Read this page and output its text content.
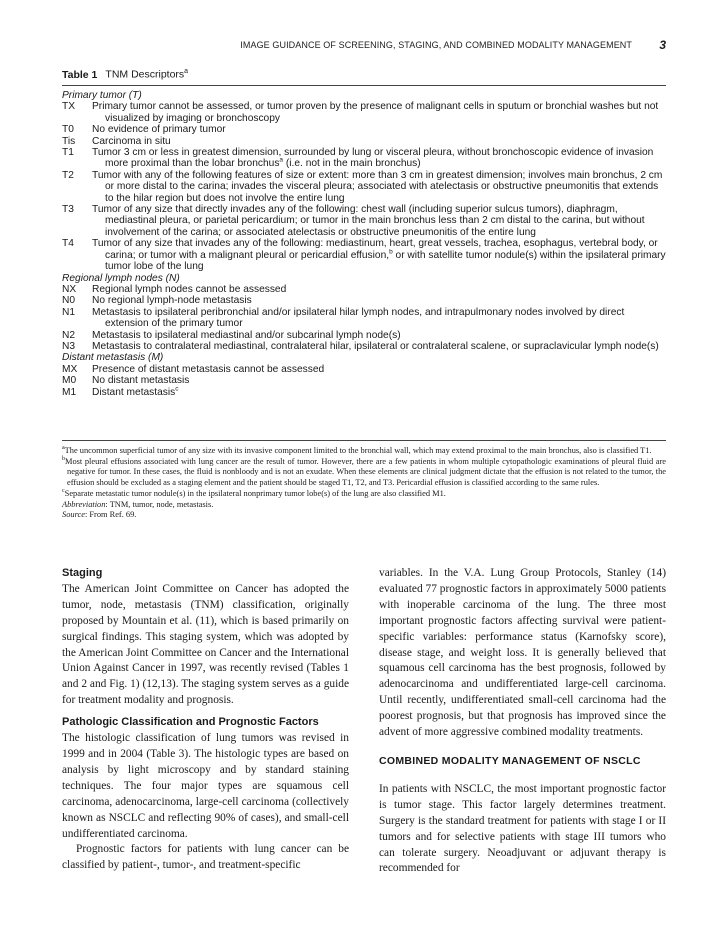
IMAGE GUIDANCE OF SCREENING, STAGING, AND COMBINED MODALITY MANAGEMENT 3
Table 1 TNM Descriptors$^a$
Primary tumor (T)
TX Primary tumor cannot be assessed, or tumor proven by the presence of malignant cells in sputum or bronchial washes but not visualized by imaging or bronchoscopy
T0 No evidence of primary tumor
Tis Carcinoma in situ
T1 Tumor 3 cm or less in greatest dimension, surrounded by lung or visceral pleura, without bronchoscopic evidence of invasion more proximal than the lobar bronchus$^a$ (i.e. not in the main bronchus)
T2 Tumor with any of the following features of size or extent: more than 3 cm in greatest dimension; involves main bronchus, 2 cm or more distal to the carina; invades the visceral pleura; associated with atelectasis or obstructive pneumonitis that extends to the hilar region but does not involve the entire lung
T3 Tumor of any size that directly invades any of the following: chest wall (including superior sulcus tumors), diaphragm, mediastinal pleura, or parietal pericardium; or tumor in the main bronchus less than 2 cm distal to the carina, but without involvement of the carina; or associated atelectasis or obstructive pneumonitis of the entire lung
T4 Tumor of any size that invades any of the following: mediastinum, heart, great vessels, trachea, esophagus, vertebral body, or carina; or tumor with a malignant pleural or pericardial effusion,$^b$ or with satellite tumor nodule(s) within the ipsilateral primary tumor lobe of the lung
Regional lymph nodes (N)
NX Regional lymph nodes cannot be assessed
N0 No regional lymph-node metastasis
N1 Metastasis to ipsilateral peribronchial and/or ipsilateral hilar lymph nodes, and intrapulmonary nodes involved by direct extension of the primary tumor
N2 Metastasis to ipsilateral mediastinal and/or subcarinal lymph node(s)
N3 Metastasis to contralateral mediastinal, contralateral hilar, ipsilateral or contralateral scalene, or supraclavicular lymph node(s)
Distant metastasis (M)
MX Presence of distant metastasis cannot be assessed
M0 No distant metastasis
M1 Distant metastasis$^c$
$^a$The uncommon superficial tumor of any size with its invasive component limited to the bronchial wall, which may extend proximal to the main bronchus, also is classified T1.
$^b$Most pleural effusions associated with lung cancer are the result of tumor. However, there are a few patients in whom multiple cytopathologic examinations of pleural fluid are negative for tumor. In these cases, the fluid is nonbloody and is not an exudate. When these elements are clinical judgment dictate that the effusion is not related to the tumor, the effusion should be excluded as a staging element and the patient should be staged T1, T2, and T3. Pericardial effusion is classified according to the same rules.
$^c$Separate metastatic tumor nodule(s) in the ipsilateral nonprimary tumor lobe(s) of the lung are also classified M1.
Abbreviation: TNM, tumor, node, metastasis.
Source: From Ref. 69.
Staging

The American Joint Committee on Cancer has adopted the tumor, node, metastasis (TNM) classification, originally proposed by Mountain et al. (11), which is based primarily on surgical findings. This staging system, which was adopted by the American Joint Committee on Cancer and the International Union Against Cancer in 1997, was recently revised (Tables 1 and 2 and Fig. 1) (12,13). The staging system serves as a guide for treatment modality and prognosis.

Pathologic Classification and Prognostic Factors

The histologic classification of lung tumors was revised in 1999 and in 2004 (Table 3). The histologic types are based on analysis by light microscopy and by standard staining techniques. The four major types are squamous cell carcinoma, adenocarcinoma, large-cell carcinoma (collectively known as NSCLC and reflecting 90% of cases), and small-cell undifferentiated carcinoma.

Prognostic factors for patients with lung cancer can be classified by patient-, tumor-, and treatment-specific

variables. In the V.A. Lung Group Protocols, Stanley (14) evaluated 77 prognostic factors in approximately 5000 patients with inoperable carcinoma of the lung. The three most important prognostic factors affecting survival were patient-specific variables: performance status (Karnofsky score), disease stage, and weight loss. It is generally believed that squamous cell carcinoma has the best prognosis, followed by adenocarcinoma and undifferentiated large-cell carcinoma. Until recently, undifferentiated small-cell carcinoma had the poorest prognosis, but that prognosis has improved since the advent of more aggressive combined modality treatments.

COMBINED MODALITY MANAGEMENT OF NSCLC

In patients with NSCLC, the most important prognostic factor is tumor stage. This factor largely determines treatment. Surgery is the standard treatment for patients with stage I or II tumors and for selective patients with stage III tumors who can tolerate surgery. Neoadjuvant or adjuvant therapy is recommended for
